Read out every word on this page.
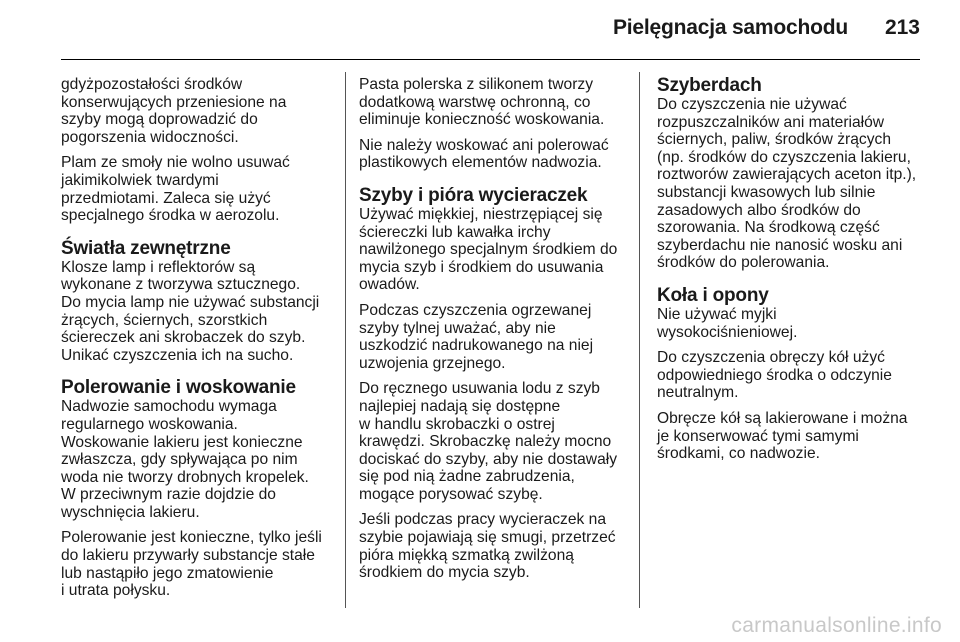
Pielęgnacja samochodu 213

gdyżpozostałości środków
konserwujących przeniesione na
szyby mogą doprowadzić do
pogorszenia widoczności.

Plam ze smoły nie wolno usuwać
jakimikolwiek twardymi
przedmiotami. Zaleca się użyć
specjalnego środka w aerozolu.

Światła zewnętrzne

Klosze lamp i reflektorów są
wykonane z tworzywa sztucznego.
Do mycia lamp nie używać substancji
żrących, ściernych, szorstkich
ściereczek ani skrobaczek do szyb.
Unikać czyszczenia ich na sucho.

Polerowanie i woskowanie

Nadwozie samochodu wymaga
regularnego woskowania.
Woskowanie lakieru jest konieczne
zwłaszcza, gdy spływająca po nim
woda nie tworzy drobnych kropelek.
W przeciwnym razie dojdzie do
wyschnięcia lakieru.

Polerowanie jest konieczne, tylko jeśli
do lakieru przywarły substancje stałe
lub nastąpiło jego zmatowienie
i utrata połysku.

Pasta polerska z silikonem tworzy
dodatkową warstwę ochronną, co
eliminuje konieczność woskowania.

Nie należy woskować ani polerować
plastikowych elementów nadwozia.

Szyby i pióra wycieraczek

Używać miękkiej, niestrzępiącej się
ściereczki lub kawałka irchy
nawilżonego specjalnym środkiem do
mycia szyb i środkiem do usuwania
owadów.

Podczas czyszczenia ogrzewanej
szyby tylnej uważać, aby nie
uszkodzić nadrukowanego na niej
uzwojenia grzejnego.

Do ręcznego usuwania lodu z szyb
najlepiej nadają się dostępne
w handlu skrobaczki o ostrej
krawędzi. Skrobaczkę należy mocno
dociskać do szyby, aby nie dostawały
się pod nią żadne zabrudzenia,
mogące porysować szybę.

Jeśli podczas pracy wycieraczek na
szybie pojawiają się smugi, przetrzeć
pióra miękką szmatką zwilżoną
środkiem do mycia szyb.

Szyberdach

Do czyszczenia nie używać
rozpuszczalników ani materiałów
ściernych, paliw, środków żrących
(np. środków do czyszczenia lakieru,
roztworów zawierających aceton itp.),
substancji kwasowych lub silnie
zasadowych albo środków do
szorowania. Na środkową część
szyberdachu nie nanosić wosku ani
środków do polerowania.

Koła i opony

Nie używać myjki
wysokociśnieniowej.

Do czyszczenia obręczy kół użyć
odpowiedniego środka o odczynie
neutralnym.

Obręcze kół są lakierowane i można
je konserwować tymi samymi
środkami, co nadwozie.

carmanualsonline.info
